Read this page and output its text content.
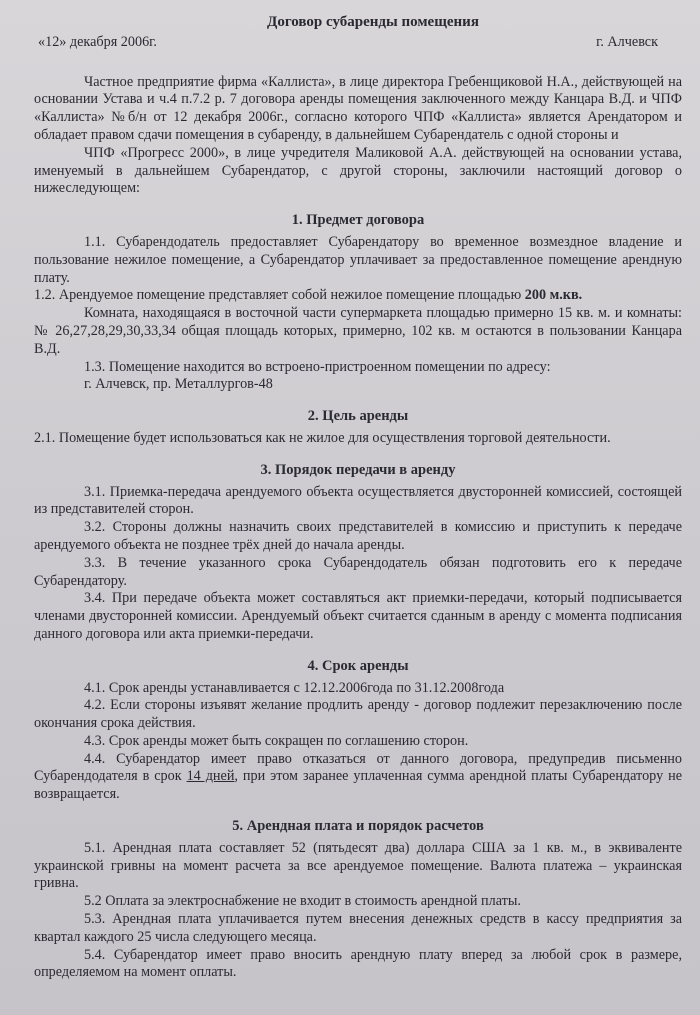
Договор субаренды помещения
«12» декабря 2006г.	г. Алчевск

Частное предприятие фирма «Каллиста», в лице директора Гребенщиковой Н.А., действующей на основании Устава и ч.4 п.7.2 р. 7 договора аренды помещения заключенного между Канцара В.Д. и ЧПФ «Каллиста» №б/н от 12 декабря 2006г., согласно которого ЧПФ «Каллиста» является Арендатором и обладает правом сдачи помещения в субаренду, в дальнейшем Субарендатель с одной стороны и

ЧПФ «Прогресс 2000», в лице учредителя Маликовой А.А. действующей на основании устава, именуемый в дальнейшем Субарендатор, с другой стороны, заключили настоящий договор о нижеследующем:

1. Предмет договора

1.1. Субарендодатель предоставляет Субарендатору во временное возмездное владение и пользование нежилое помещение, а Субарендатор уплачивает за предоставленное помещение арендную плату.

1.2. Арендуемое помещение представляет собой нежилое помещение площадью 200 м.кв.

Комната, находящаяся в восточной части супермаркета площадью примерно 15 кв. м. и комнаты: № 26,27,28,29,30,33,34 общая площадь которых, примерно, 102 кв. м остаются в пользовании Канцара В.Д.

1.3. Помещение находится во встроено-пристроенном помещении по адресу:

г. Алчевск, пр. Металлургов-48

2. Цель аренды

2.1. Помещение будет использоваться как не жилое для осуществления торговой деятельности.

3. Порядок передачи в аренду

3.1. Приемка-передача арендуемого объекта осуществляется двусторонней комиссией, состоящей из представителей сторон.

3.2. Стороны должны назначить своих представителей в комиссию и приступить к передаче арендуемого объекта не позднее трёх дней до начала аренды.

3.3. В течение указанного срока Субарендодатель обязан подготовить его к передаче Субарендатору.

3.4. При передаче объекта может составляться акт приемки-передачи, который подписывается членами двусторонней комиссии. Арендуемый объект считается сданным в аренду с момента подписания данного договора или акта приемки-передачи.

4. Срок аренды

4.1. Срок аренды устанавливается с 12.12.2006года по 31.12.2008года

4.2. Если стороны изъявят желание продлить аренду - договор подлежит перезаключению после окончания срока действия.

4.3. Срок аренды может быть сокращен по соглашению сторон.

4.4. Субарендатор имеет право отказаться от данного договора, предупредив письменно Субарендодателя в срок 14 дней, при этом заранее уплаченная сумма арендной платы Субарендатору не возвращается.

5. Арендная плата и порядок расчетов

5.1. Арендная плата составляет 52 (пятьдесят два) доллара США за 1 кв. м., в эквиваленте украинской гривны на момент расчета за все арендуемое помещение. Валюта платежа – украинская гривна.

5.2 Оплата за электроснабжение не входит в стоимость арендной платы.

5.3. Арендная плата уплачивается путем внесения денежных средств в кассу предприятия за квартал каждого 25 числа следующего месяца.

5.4. Субарендатор имеет право вносить арендную плату вперед за любой срок в размере, определяемом на момент оплаты.
